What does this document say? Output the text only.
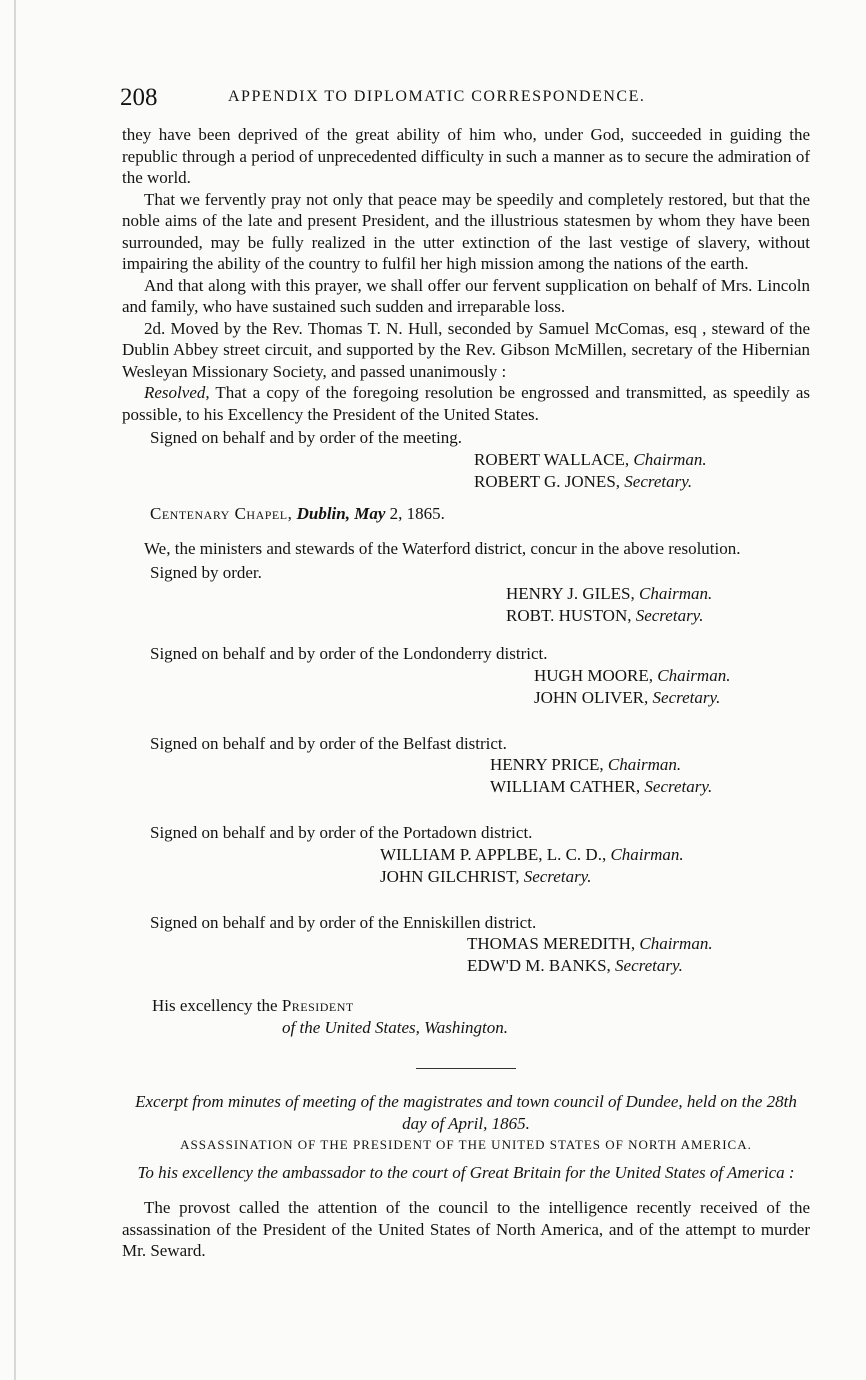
208	APPENDIX TO DIPLOMATIC CORRESPONDENCE.

they have been deprived of the great ability of him who, under God, succeeded in guiding the republic through a period of unprecedented difficulty in such a manner as to secure the admiration of the world.

That we fervently pray not only that peace may be speedily and completely restored, but that the noble aims of the late and present President, and the illustrious statesmen by whom they have been surrounded, may be fully realized in the utter extinction of the last vestige of slavery, without impairing the ability of the country to fulfil her high mission among the nations of the earth.

And that along with this prayer, we shall offer our fervent supplication on behalf of Mrs. Lincoln and family, who have sustained such sudden and irreparable loss.

2d. Moved by the Rev. Thomas T. N. Hull, seconded by Samuel McComas, esq , steward of the Dublin Abbey street circuit, and supported by the Rev. Gibson McMillen, secretary of the Hibernian Wesleyan Missionary Society, and passed unanimously :

Resolved, That a copy of the foregoing resolution be engrossed and transmitted, as speedily as possible, to his Excellency the President of the United States.

Signed on behalf and by order of the meeting.
ROBERT WALLACE, Chairman.
ROBERT G. JONES, Secretary.
Centenary Chapel, Dublin, May 2, 1865.

We, the ministers and stewards of the Waterford district, concur in the above resolution.

Signed by order.
HENRY J. GILES, Chairman.
ROBT. HUSTON, Secretary.
Signed on behalf and by order of the Londonderry district.
HUGH MOORE, Chairman.
JOHN OLIVER, Secretary.
Signed on behalf and by order of the Belfast district.
HENRY PRICE, Chairman.
WILLIAM CATHER, Secretary.
Signed on behalf and by order of the Portadown district.
WILLIAM P. APPLBE, L. C. D., Chairman.
JOHN GILCHRIST, Secretary.
Signed on behalf and by order of the Enniskillen district.
THOMAS MEREDITH, Chairman.
EDW'D M. BANKS, Secretary.
His excellency the President
of the United States, Washington.

Excerpt from minutes of meeting of the magistrates and town council of Dundee, held on the 28th day of April, 1865.

ASSASSINATION OF THE PRESIDENT OF THE UNITED STATES OF NORTH AMERICA.

To his excellency the ambassador to the court of Great Britain for the United States of America :

The provost called the attention of the council to the intelligence recently received of the assassination of the President of the United States of North America, and of the attempt to murder Mr. Seward.
